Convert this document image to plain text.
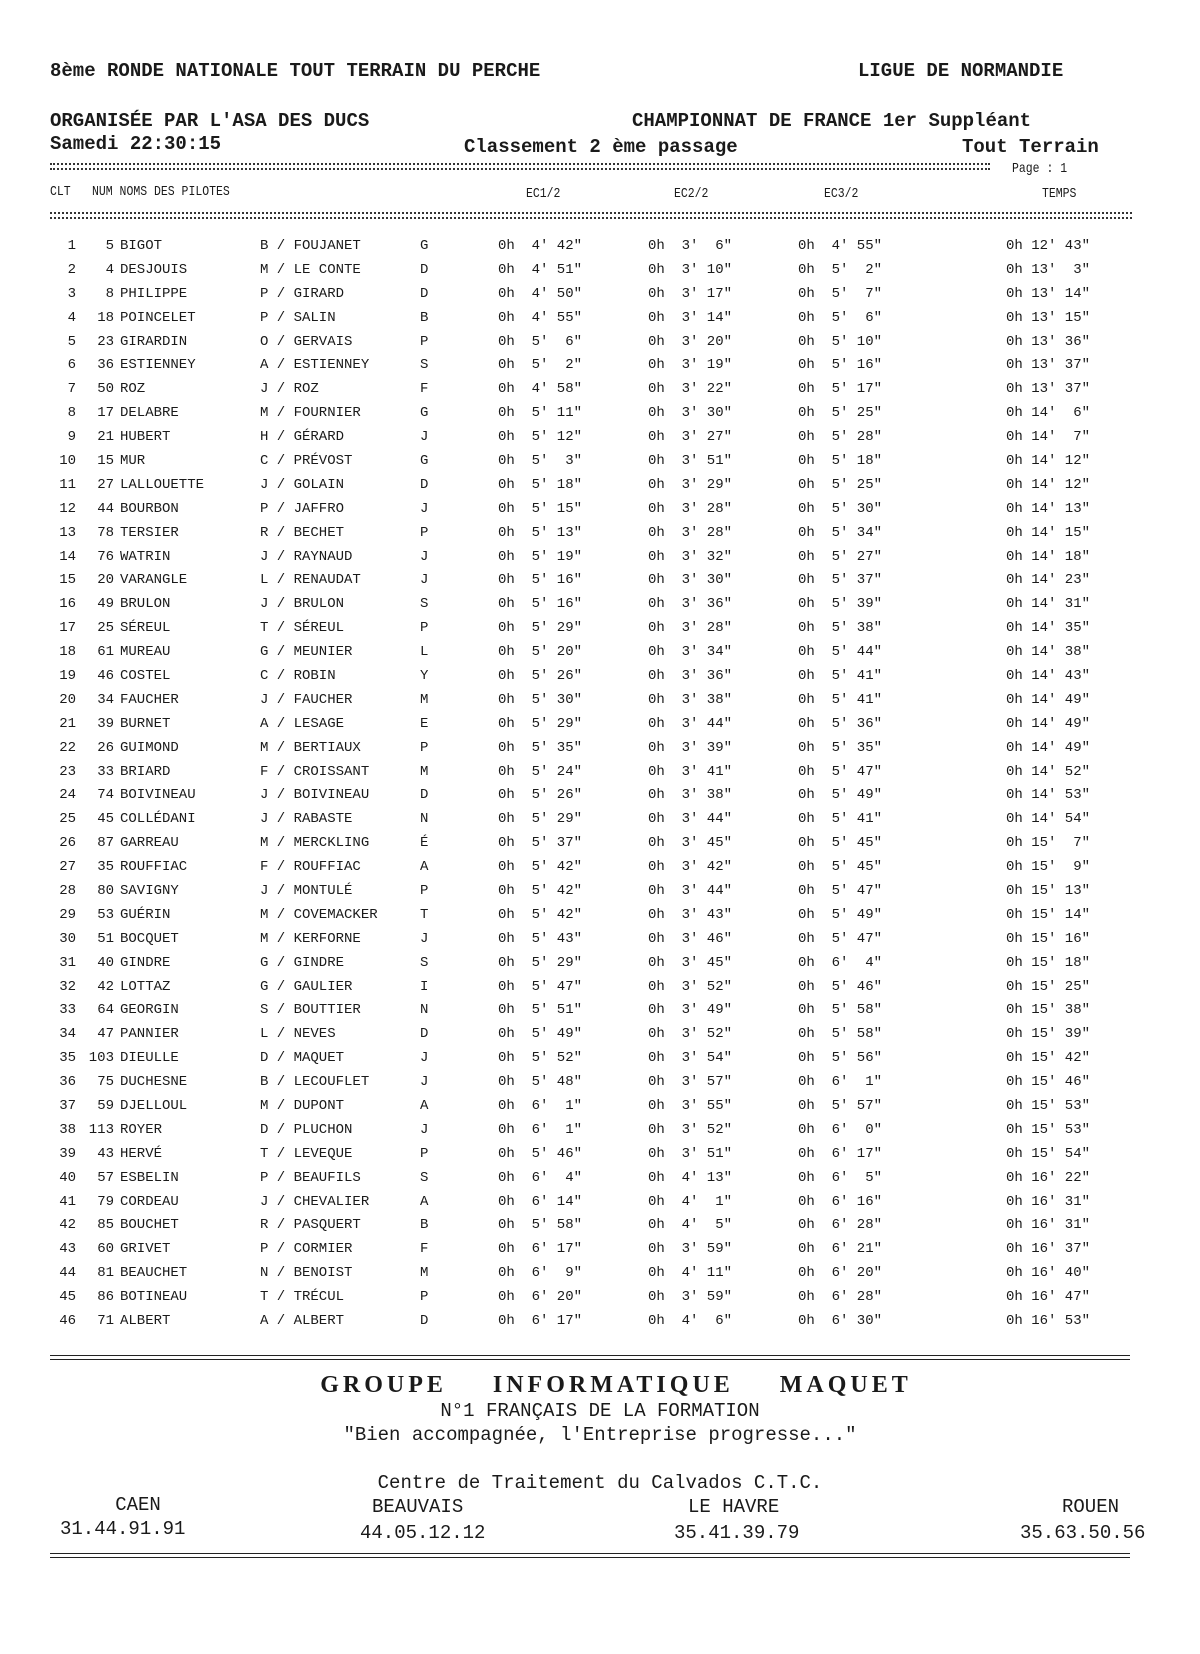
8ème RONDE NATIONALE TOUT TERRAIN DU PERCHE	LIGUE DE NORMANDIE
ORGANISÉE PAR L'ASA DES DUCS	CHAMPIONNAT DE FRANCE 1er Suppléant
Samedi 22:30:15	Classement 2 ème passage	Tout Terrain
Page : 1
CLT NUM NOMS DES PILOTES	EC1/2	EC2/2	EC3/2	TEMPS
1	5	BIGOT	B / FOUJANET	G	0h  4' 42"	0h  3'  6"	0h  4' 55"	0h 12' 43"
2	4	DESJOUIS	M / LE CONTE	D	0h  4' 51"	0h  3' 10"	0h  5'  2"	0h 13'  3"
3	8	PHILIPPE	P / GIRARD	D	0h  4' 50"	0h  3' 17"	0h  5'  7"	0h 13' 14"
4	18	POINCELET	P / SALIN	B	0h  4' 55"	0h  3' 14"	0h  5'  6"	0h 13' 15"
5	23	GIRARDIN	O / GERVAIS	P	0h  5'  6"	0h  3' 20"	0h  5' 10"	0h 13' 36"
6	36	ESTIENNEY	A / ESTIENNEY	S	0h  5'  2"	0h  3' 19"	0h  5' 16"	0h 13' 37"
7	50	ROZ	J / ROZ	F	0h  4' 58"	0h  3' 22"	0h  5' 17"	0h 13' 37"
8	17	DELABRE	M / FOURNIER	G	0h  5' 11"	0h  3' 30"	0h  5' 25"	0h 14'  6"
9	21	HUBERT	H / GÉRARD	J	0h  5' 12"	0h  3' 27"	0h  5' 28"	0h 14'  7"
10	15	MUR	C / PRÉVOST	G	0h  5'  3"	0h  3' 51"	0h  5' 18"	0h 14' 12"
11	27	LALLOUETTE	J / GOLAIN	D	0h  5' 18"	0h  3' 29"	0h  5' 25"	0h 14' 12"
12	44	BOURBON	P / JAFFRO	J	0h  5' 15"	0h  3' 28"	0h  5' 30"	0h 14' 13"
13	78	TERSIER	R / BECHET	P	0h  5' 13"	0h  3' 28"	0h  5' 34"	0h 14' 15"
14	76	WATRIN	J / RAYNAUD	J	0h  5' 19"	0h  3' 32"	0h  5' 27"	0h 14' 18"
15	20	VARANGLE	L / RENAUDAT	J	0h  5' 16"	0h  3' 30"	0h  5' 37"	0h 14' 23"
16	49	BRULON	J / BRULON	S	0h  5' 16"	0h  3' 36"	0h  5' 39"	0h 14' 31"
17	25	SÉREUL	T / SÉREUL	P	0h  5' 29"	0h  3' 28"	0h  5' 38"	0h 14' 35"
18	61	MUREAU	G / MEUNIER	L	0h  5' 20"	0h  3' 34"	0h  5' 44"	0h 14' 38"
19	46	COSTEL	C / ROBIN	Y	0h  5' 26"	0h  3' 36"	0h  5' 41"	0h 14' 43"
20	34	FAUCHER	J / FAUCHER	M	0h  5' 30"	0h  3' 38"	0h  5' 41"	0h 14' 49"
21	39	BURNET	A / LESAGE	E	0h  5' 29"	0h  3' 44"	0h  5' 36"	0h 14' 49"
22	26	GUIMOND	M / BERTIAUX	P	0h  5' 35"	0h  3' 39"	0h  5' 35"	0h 14' 49"
23	33	BRIARD	F / CROISSANT	M	0h  5' 24"	0h  3' 41"	0h  5' 47"	0h 14' 52"
24	74	BOIVINEAU	J / BOIVINEAU	D	0h  5' 26"	0h  3' 38"	0h  5' 49"	0h 14' 53"
25	45	COLLÉDANI	J / RABASTE	N	0h  5' 29"	0h  3' 44"	0h  5' 41"	0h 14' 54"
26	87	GARREAU	M / MERCKLING	É	0h  5' 37"	0h  3' 45"	0h  5' 45"	0h 15'  7"
27	35	ROUFFIAC	F / ROUFFIAC	A	0h  5' 42"	0h  3' 42"	0h  5' 45"	0h 15'  9"
28	80	SAVIGNY	J / MONTULÉ	P	0h  5' 42"	0h  3' 44"	0h  5' 47"	0h 15' 13"
29	53	GUÉRIN	M / COVEMACKER	T	0h  5' 42"	0h  3' 43"	0h  5' 49"	0h 15' 14"
30	51	BOCQUET	M / KERFORNE	J	0h  5' 43"	0h  3' 46"	0h  5' 47"	0h 15' 16"
31	40	GINDRE	G / GINDRE	S	0h  5' 29"	0h  3' 45"	0h  6'  4"	0h 15' 18"
32	42	LOTTAZ	G / GAULIER	I	0h  5' 47"	0h  3' 52"	0h  5' 46"	0h 15' 25"
33	64	GEORGIN	S / BOUTTIER	N	0h  5' 51"	0h  3' 49"	0h  5' 58"	0h 15' 38"
34	47	PANNIER	L / NEVES	D	0h  5' 49"	0h  3' 52"	0h  5' 58"	0h 15' 39"
35	103	DIEULLE	D / MAQUET	J	0h  5' 52"	0h  3' 54"	0h  5' 56"	0h 15' 42"
36	75	DUCHESNE	B / LECOUFLET	J	0h  5' 48"	0h  3' 57"	0h  6'  1"	0h 15' 46"
37	59	DJELLOUL	M / DUPONT	A	0h  6'  1"	0h  3' 55"	0h  5' 57"	0h 15' 53"
38	113	ROYER	D / PLUCHON	J	0h  6'  1"	0h  3' 52"	0h  6'  0"	0h 15' 53"
39	43	HERVÉ	T / LEVEQUE	P	0h  5' 46"	0h  3' 51"	0h  6' 17"	0h 15' 54"
40	57	ESBELIN	P / BEAUFILS	S	0h  6'  4"	0h  4' 13"	0h  6'  5"	0h 16' 22"
41	79	CORDEAU	J / CHEVALIER	A	0h  6' 14"	0h  4'  1"	0h  6' 16"	0h 16' 31"
42	85	BOUCHET	R / PASQUERT	B	0h  5' 58"	0h  4'  5"	0h  6' 28"	0h 16' 31"
43	60	GRIVET	P / CORMIER	F	0h  6' 17"	0h  3' 59"	0h  6' 21"	0h 16' 37"
44	81	BEAUCHET	N / BENOIST	M	0h  6'  9"	0h  4' 11"	0h  6' 20"	0h 16' 40"
45	86	BOTINEAU	T / TRÉCUL	P	0h  6' 20"	0h  3' 59"	0h  6' 28"	0h 16' 47"
46	71	ALBERT	A / ALBERT	D	0h  6' 17"	0h  4'  6"	0h  6' 30"	0h 16' 53"
GROUPE INFORMATIQUE MAQUET
N°1 FRANÇAIS DE LA FORMATION
"Bien accompagnée, l'Entreprise progresse..."
Centre de Traitement du Calvados C.T.C.
CAEN
31.44.91.91
BEAUVAIS
44.05.12.12
LE HAVRE
35.41.39.79
ROUEN
35.63.50.56
